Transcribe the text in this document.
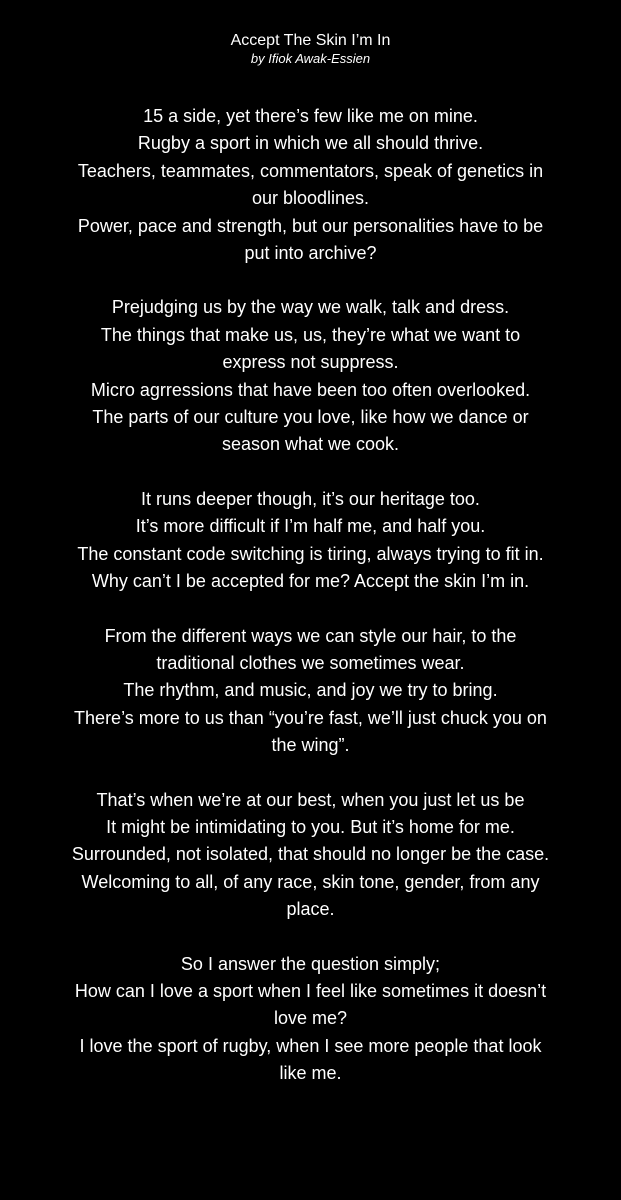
Accept The Skin I’m In
by Ifiok Awak-Essien
15 a side, yet there’s few like me on mine.
Rugby a sport in which we all should thrive.
Teachers, teammates, commentators, speak of genetics in our bloodlines.
Power, pace and strength, but our personalities have to be put into archive?
Prejudging us by the way we walk, talk and dress.
The things that make us, us, they’re what we want to express not suppress.
Micro agrressions that have been too often overlooked.
The parts of our culture you love, like how we dance or season what we cook.
It runs deeper though, it’s our heritage too.
It’s more difficult if I’m half me, and half you.
The constant code switching is tiring, always trying to fit in.
Why can’t I be accepted for me? Accept the skin I’m in.
From the different ways we can style our hair, to the traditional clothes we sometimes wear.
The rhythm, and music, and joy we try to bring.
There’s more to us than “you’re fast, we’ll just chuck you on the wing”.
That’s when we’re at our best, when you just let us be
It might be intimidating to you. But it’s home for me.
Surrounded, not isolated, that should no longer be the case.
Welcoming to all, of any race, skin tone, gender, from any place.
So I answer the question simply;
How can I love a sport when I feel like sometimes it doesn’t love me?
I love the sport of rugby, when I see more people that look like me.
